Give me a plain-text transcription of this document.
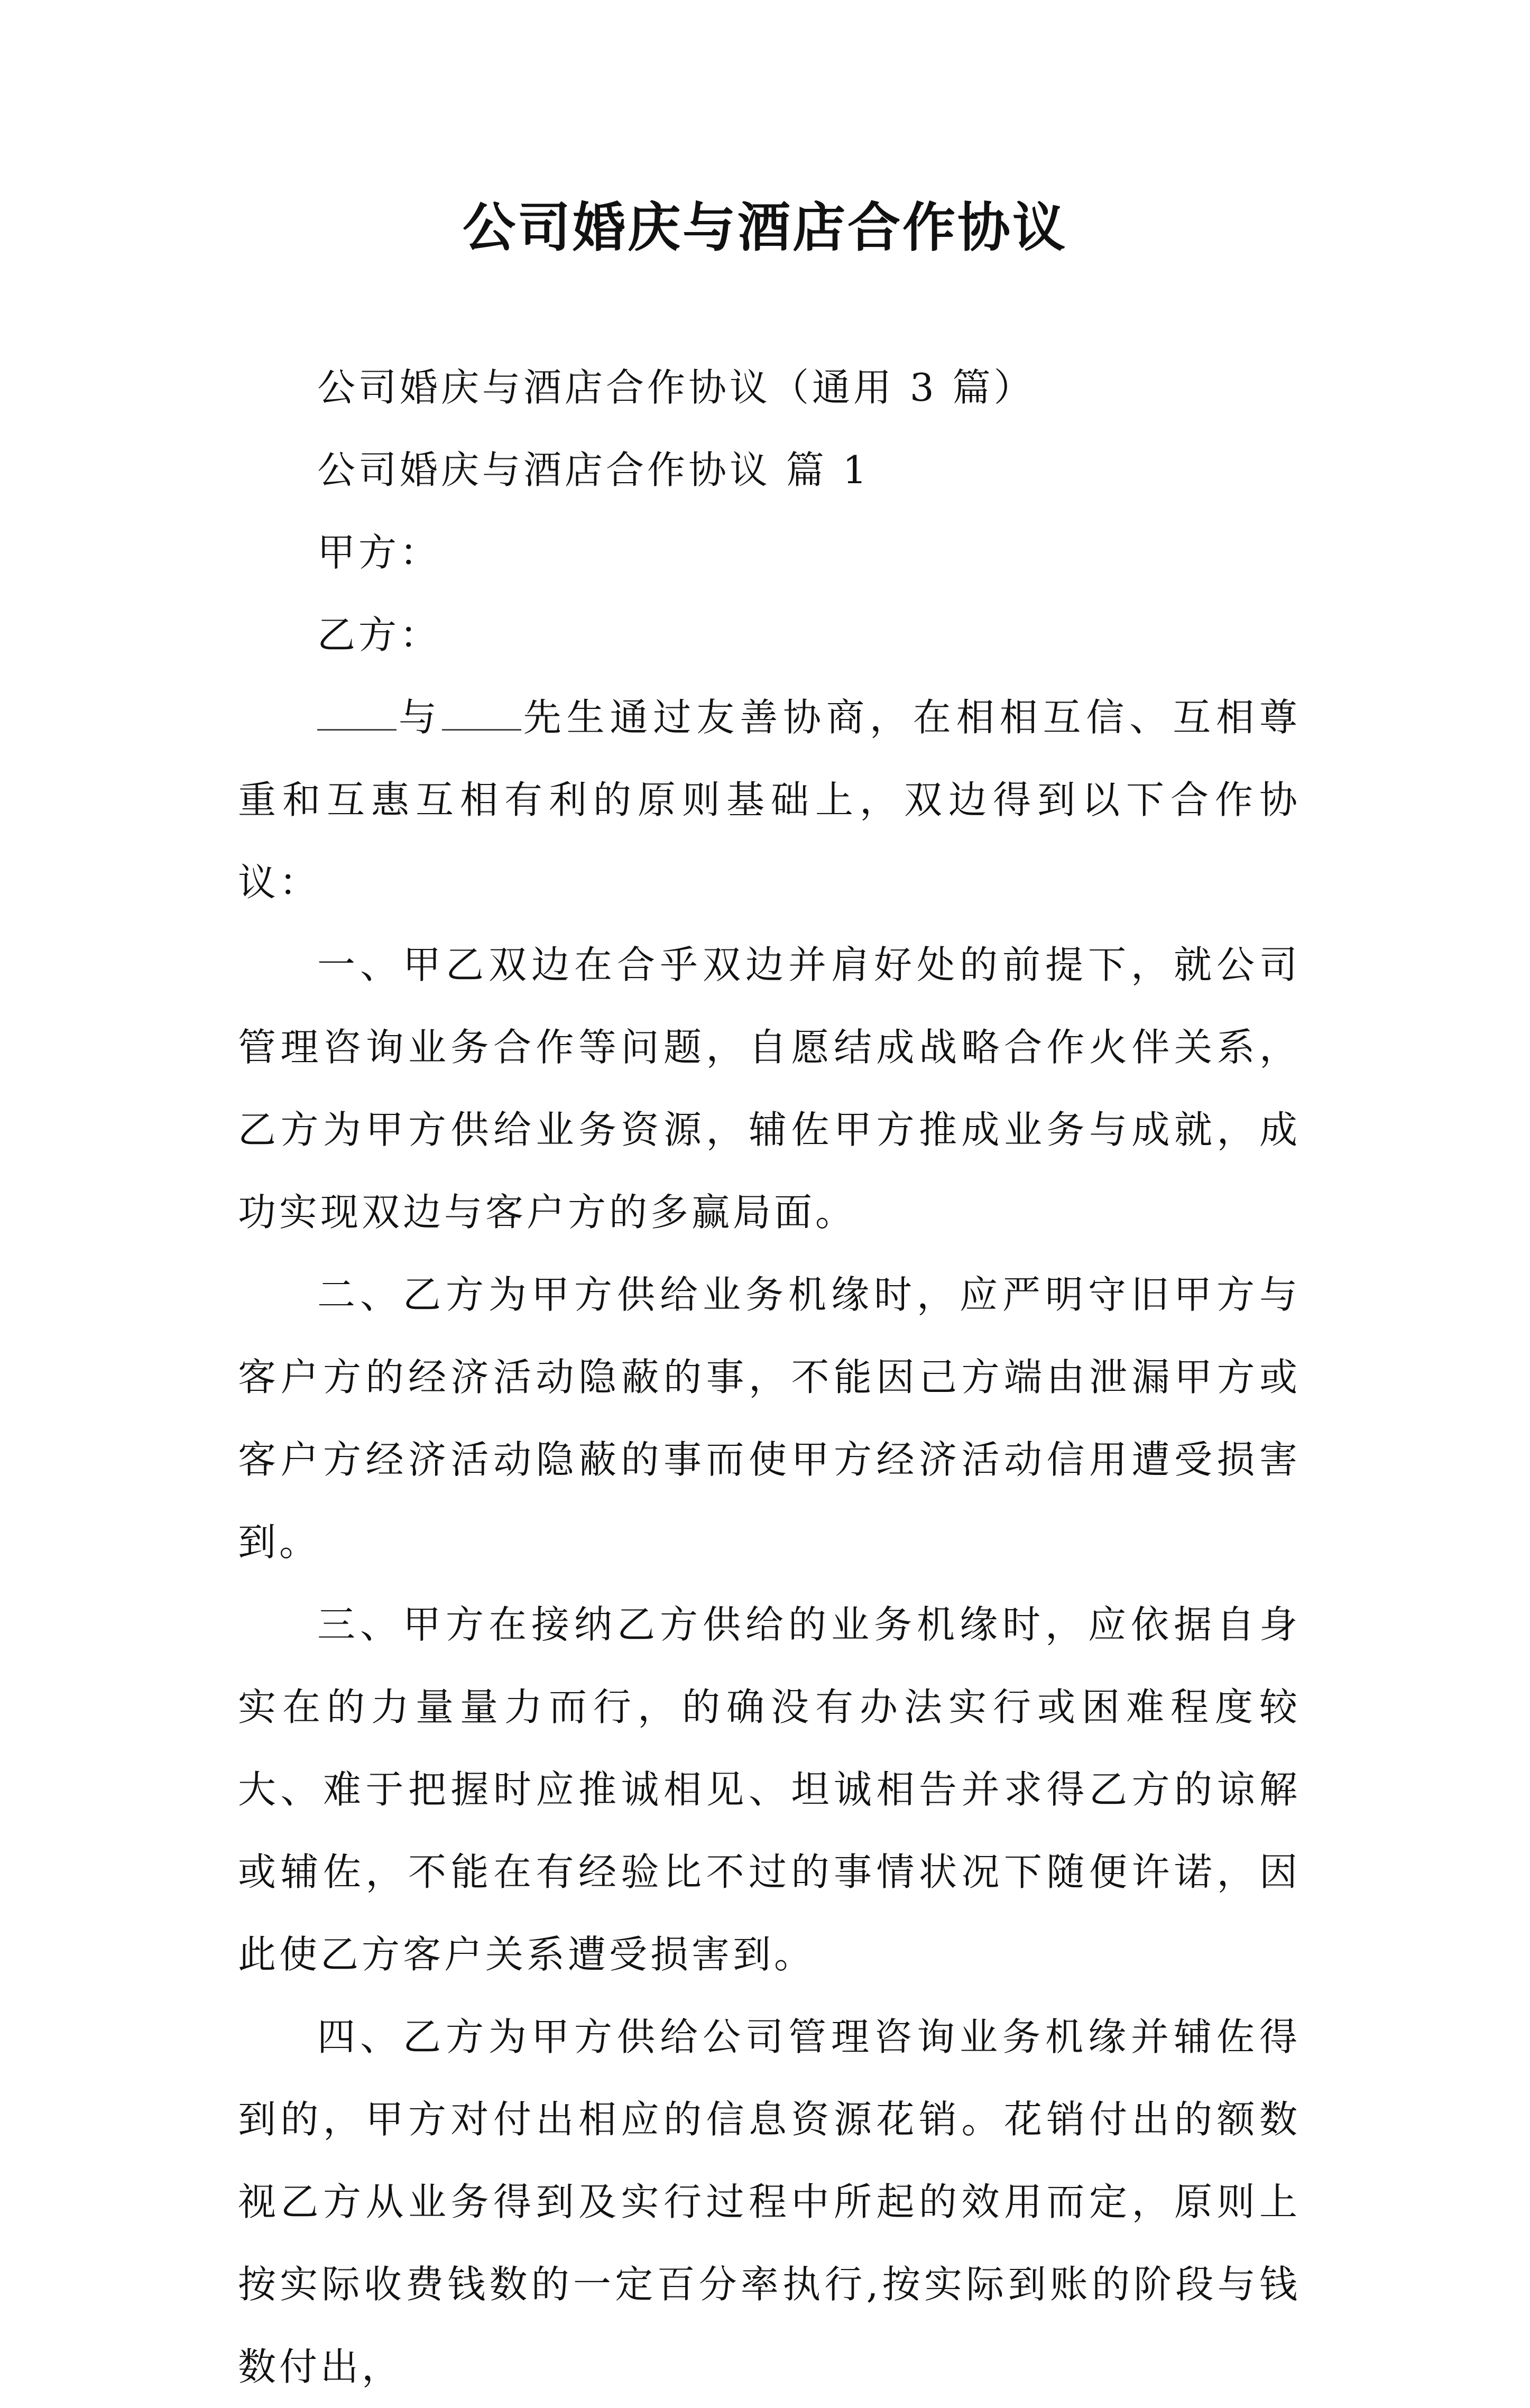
公司婚庆与酒店合作协议

公司婚庆与酒店合作协议（通用 3 篇）

公司婚庆与酒店合作协议 篇 1

甲方：

乙方：

与 先生通过友善协商，在相相互信、互相尊重和互惠互相有利的原则基础上，双边得到以下合作协议：

一、甲乙双边在合乎双边并肩好处的前提下，就公司管理咨询业务合作等问题，自愿结成战略合作火伴关系，乙方为甲方供给业务资源，辅佐甲方推成业务与成就，成功实现双边与客户方的多赢局面。

二、乙方为甲方供给业务机缘时，应严明守旧甲方与客户方的经济活动隐蔽的事，不能因己方端由泄漏甲方或客户方经济活动隐蔽的事而使甲方经济活动信用遭受损害到。

三、甲方在接纳乙方供给的业务机缘时，应依据自身实在的力量量力而行，的确没有办法实行或困难程度较大、难于把握时应推诚相见、坦诚相告并求得乙方的谅解或辅佐，不能在有经验比不过的事情状况下随便许诺，因此使乙方客户关系遭受损害到。

四、乙方为甲方供给公司管理咨询业务机缘并辅佐得到的，甲方对付出相应的信息资源花销。花销付出的额数视乙方从业务得到及实行过程中所起的效用而定，原则上按实际收费钱数的一定百分率执行,按实际到账的阶段与钱数付出，
